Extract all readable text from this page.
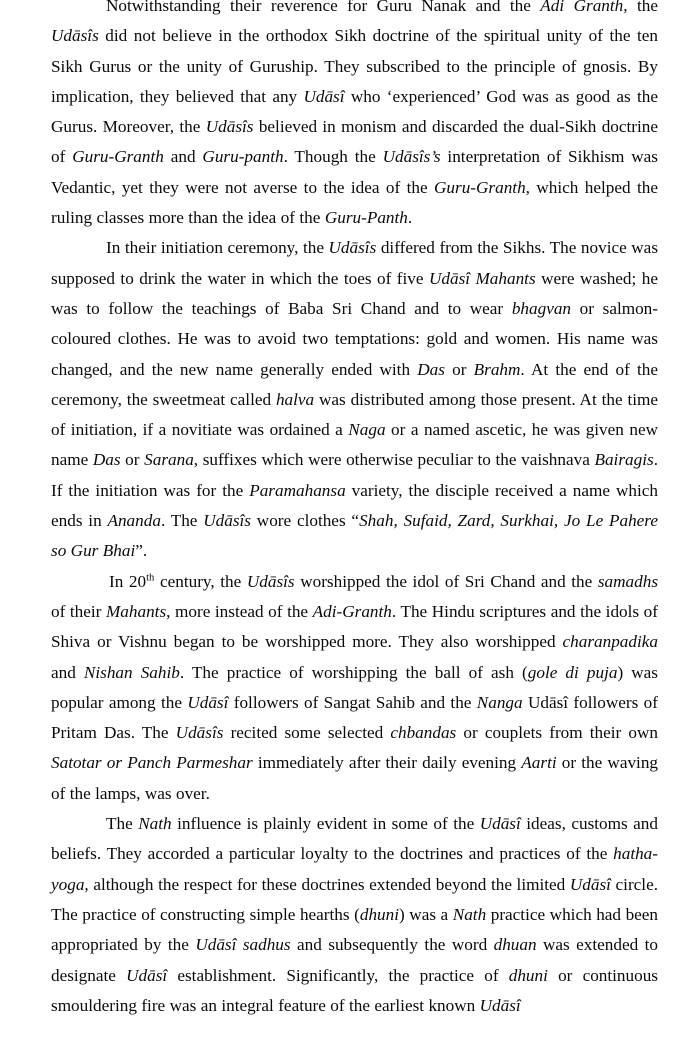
Notwithstanding their reverence for Guru Nanak and the Adi Granth, the Udāsîs did not believe in the orthodox Sikh doctrine of the spiritual unity of the ten Sikh Gurus or the unity of Guruship. They subscribed to the principle of gnosis. By implication, they believed that any Udāsî who ‘experienced’ God was as good as the Gurus. Moreover, the Udāsîs believed in monism and discarded the dual-Sikh doctrine of Guru-Granth and Guru-panth. Though the Udāsîs’s interpretation of Sikhism was Vedantic, yet they were not averse to the idea of the Guru-Granth, which helped the ruling classes more than the idea of the Guru-Panth.

In their initiation ceremony, the Udāsîs differed from the Sikhs. The novice was supposed to drink the water in which the toes of five Udāsî Mahants were washed; he was to follow the teachings of Baba Sri Chand and to wear bhagvan or salmon-coloured clothes. He was to avoid two temptations: gold and women. His name was changed, and the new name generally ended with Das or Brahm. At the end of the ceremony, the sweetmeat called halva was distributed among those present. At the time of initiation, if a novitiate was ordained a Naga or a named ascetic, he was given new name Das or Sarana, suffixes which were otherwise peculiar to the vaishnava Bairagis. If the initiation was for the Paramahansa variety, the disciple received a name which ends in Ananda. The Udāsîs wore clothes “Shah, Sufaid, Zard, Surkhai, Jo Le Pahere so Gur Bhai”.

In 20th century, the Udāsîs worshipped the idol of Sri Chand and the samadhs of their Mahants, more instead of the Adi-Granth. The Hindu scriptures and the idols of Shiva or Vishnu began to be worshipped more. They also worshipped charanpadika and Nishan Sahib. The practice of worshipping the ball of ash (gole di puja) was popular among the Udāsî followers of Sangat Sahib and the Nanga Udāsî followers of Pritam Das. The Udāsîs recited some selected chbandas or couplets from their own Satotar or Panch Parmeshar immediately after their daily evening Aarti or the waving of the lamps, was over.

The Nath influence is plainly evident in some of the Udāsî ideas, customs and beliefs. They accorded a particular loyalty to the doctrines and practices of the hatha-yoga, although the respect for these doctrines extended beyond the limited Udāsî circle. The practice of constructing simple hearths (dhuni) was a Nath practice which had been appropriated by the Udāsî sadhus and subsequently the word dhuan was extended to designate Udāsî establishment. Significantly, the practice of dhuni or continuous smouldering fire was an integral feature of the earliest known Udāsî
